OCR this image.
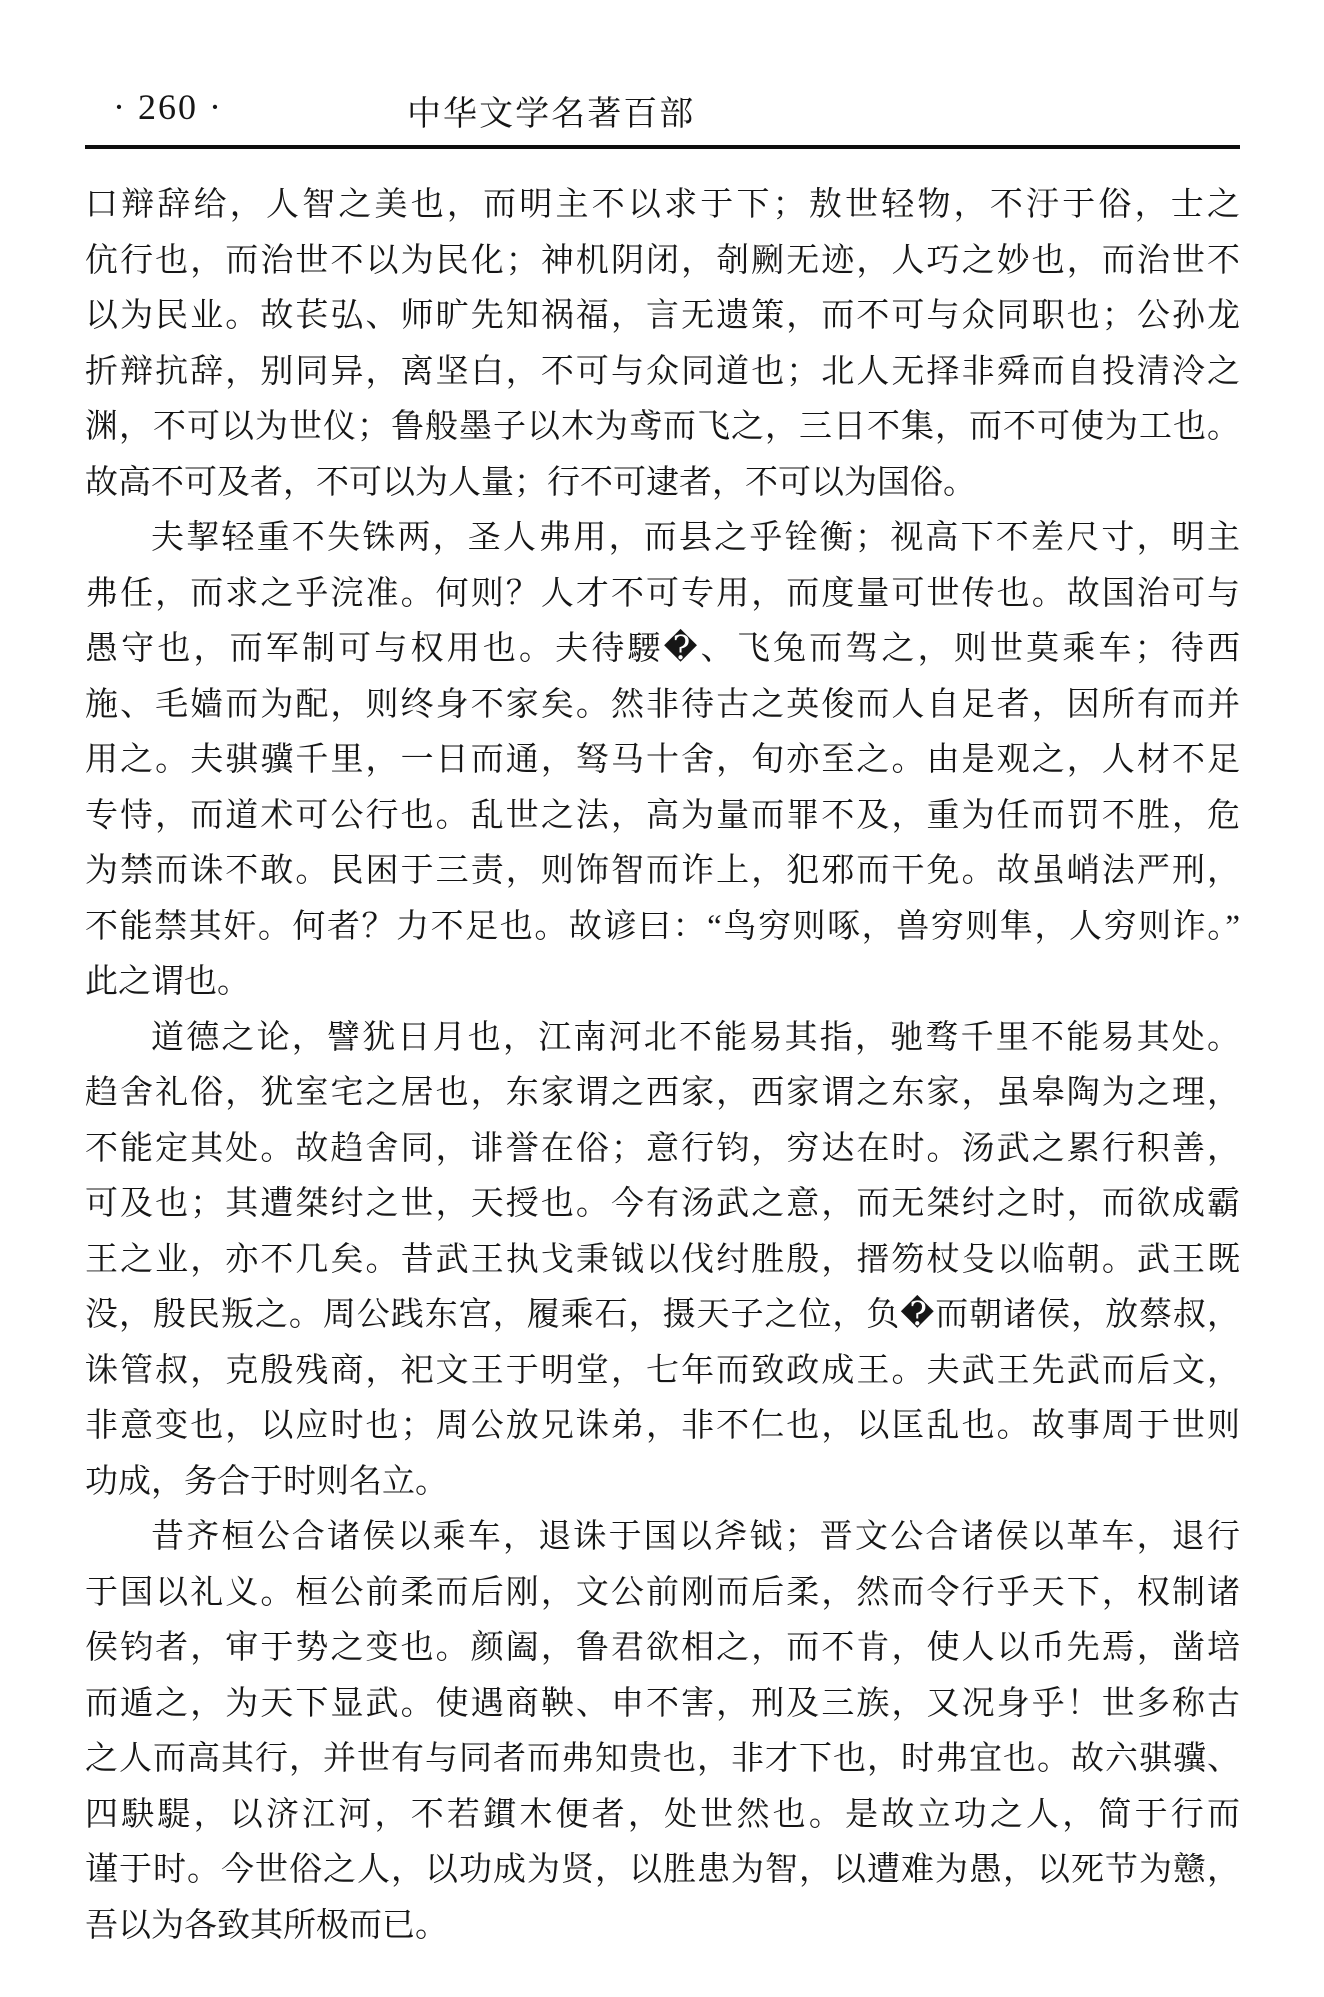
· 260 ·	中华文学名著百部
口辩辞给，人智之美也，而明主不以求于下；敖世轻物，不汙于俗，士之
伉行也，而治世不以为民化；神机阴闭，剞劂无迹，人巧之妙也，而治世不
以为民业。故苌弘、师旷先知祸福，言无遗策，而不可与众同职也；公孙龙
折辩抗辞，别同异，离坚白，不可与众同道也；北人无择非舜而自投清泠之
渊，不可以为世仪；鲁般墨子以木为鸢而飞之，三日不集，而不可使为工也。
故高不可及者，不可以为人量；行不可逮者，不可以为国俗。
夫挈轻重不失铢两，圣人弗用，而县之乎铨衡；视高下不差尺寸，明主
弗任，而求之乎浣准。何则？人才不可专用，而度量可世传也。故国治可与
愚守也，而军制可与权用也。夫待騕�、飞兔而驾之，则世莫乘车；待西
施、毛嫱而为配，则终身不家矣。然非待古之英俊而人自足者，因所有而并
用之。夫骐骥千里，一日而通，驽马十舍，旬亦至之。由是观之，人材不足
专恃，而道术可公行也。乱世之法，高为量而罪不及，重为任而罚不胜，危
为禁而诛不敢。民困于三责，则饰智而诈上，犯邪而干免。故虽峭法严刑，
不能禁其奸。何者？力不足也。故谚曰：“鸟穷则啄，兽穷则隼，人穷则诈。”
此之谓也。
道德之论，譬犹日月也，江南河北不能易其指，驰骛千里不能易其处。
趋舍礼俗，犹室宅之居也，东家谓之西家，西家谓之东家，虽皋陶为之理，
不能定其处。故趋舍同，诽誉在俗；意行钧，穷达在时。汤武之累行积善，
可及也；其遭桀纣之世，天授也。今有汤武之意，而无桀纣之时，而欲成霸
王之业，亦不几矣。昔武王执戈秉钺以伐纣胜殷，搢笏杖殳以临朝。武王既
没，殷民叛之。周公践东宫，履乘石，摄天子之位，负�而朝诸侯，放蔡叔，
诛管叔，克殷残商，祀文王于明堂，七年而致政成王。夫武王先武而后文，
非意变也，以应时也；周公放兄诛弟，非不仁也，以匡乱也。故事周于世则
功成，务合于时则名立。
昔齐桓公合诸侯以乘车，退诛于国以斧钺；晋文公合诸侯以革车，退行
于国以礼义。桓公前柔而后刚，文公前刚而后柔，然而令行乎天下，权制诸
侯钧者，审于势之变也。颜阖，鲁君欲相之，而不肯，使人以币先焉，凿培
而遁之，为天下显武。使遇商鞅、申不害，刑及三族，又况身乎！世多称古
之人而高其行，并世有与同者而弗知贵也，非才下也，时弗宜也。故六骐骥、
四駃騠，以济江河，不若鏆木便者，处世然也。是故立功之人，简于行而
谨于时。今世俗之人，以功成为贤，以胜患为智，以遭难为愚，以死节为戆，
吾以为各致其所极而已。
